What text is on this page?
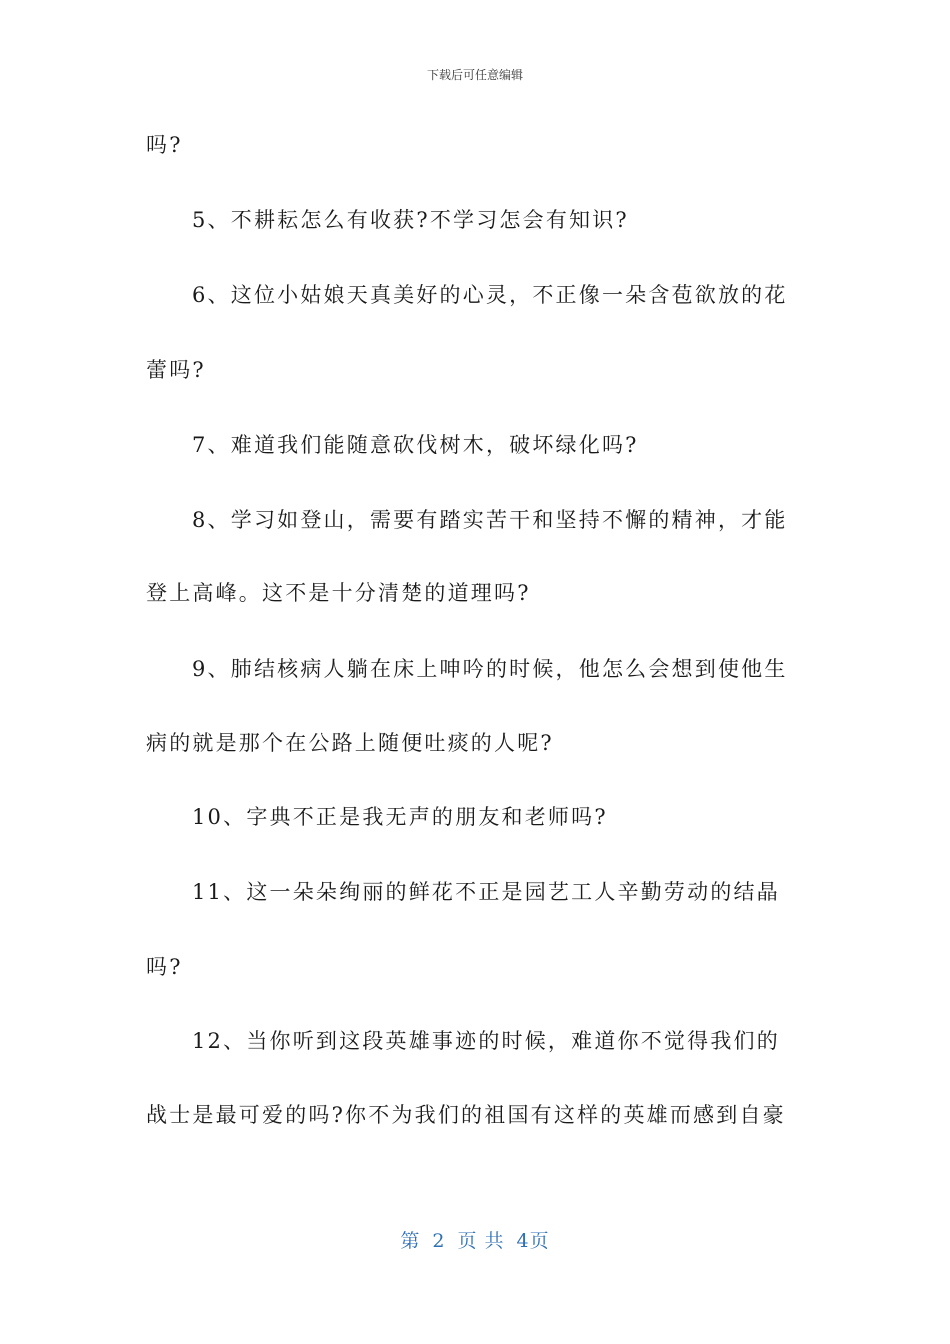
下载后可任意编辑
吗?
5、不耕耘怎么有收获?不学习怎会有知识?
6、这位小姑娘天真美好的心灵，不正像一朵含苞欲放的花
蕾吗?
7、难道我们能随意砍伐树木，破坏绿化吗?
8、学习如登山，需要有踏实苦干和坚持不懈的精神，才能
登上高峰。这不是十分清楚的道理吗?
9、肺结核病人躺在床上呻吟的时候，他怎么会想到使他生
病的就是那个在公路上随便吐痰的人呢?
10、字典不正是我无声的朋友和老师吗?
11、这一朵朵绚丽的鲜花不正是园艺工人辛勤劳动的结晶
吗?
12、当你听到这段英雄事迹的时候，难道你不觉得我们的
战士是最可爱的吗?你不为我们的祖国有这样的英雄而感到自豪
第 2 页 共 4页
